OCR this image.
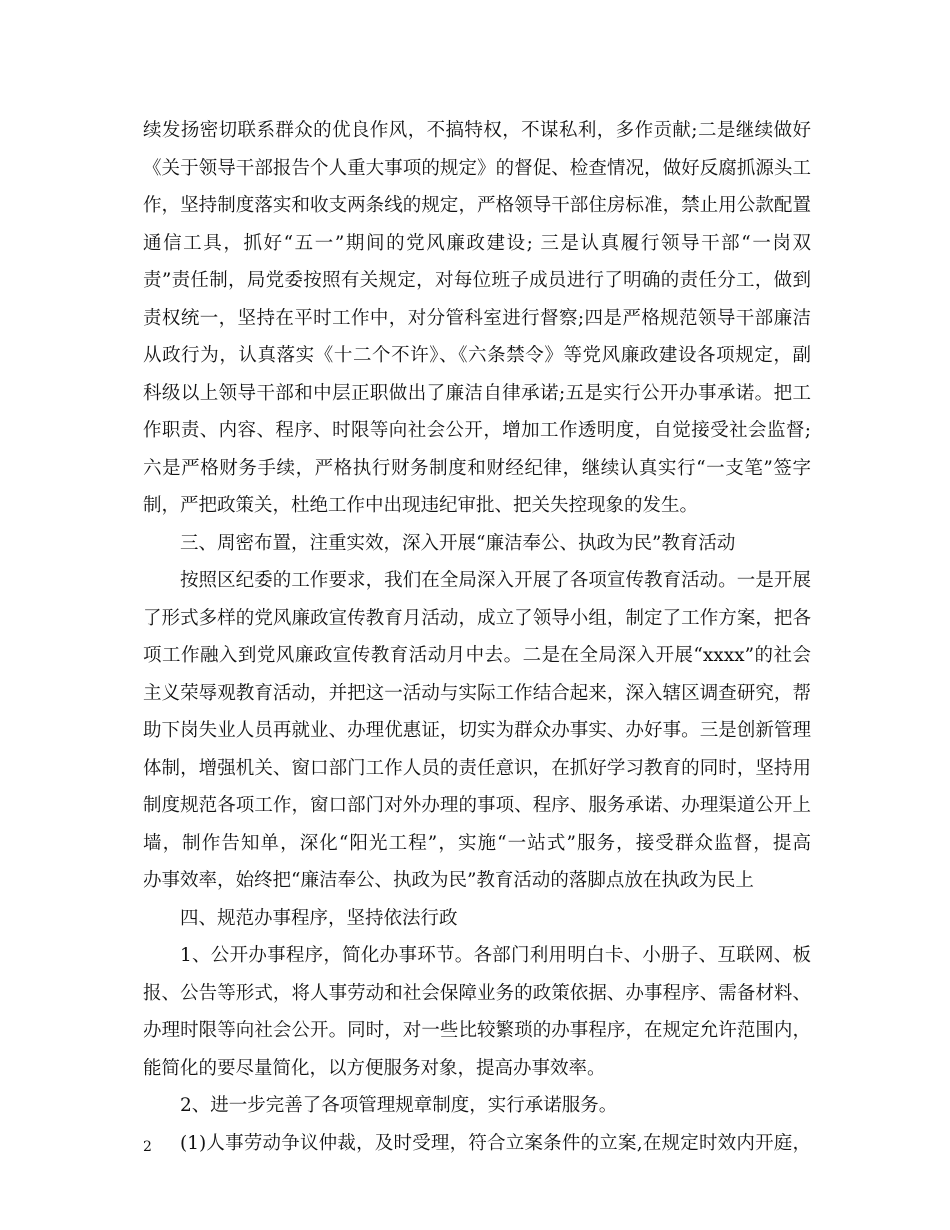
续发扬密切联系群众的优良作风，不搞特权，不谋私利，多作贡献;二是继续做好
《关于领导干部报告个人重大事项的规定》的督促、检查情况，做好反腐抓源头工
作，坚持制度落实和收支两条线的规定，严格领导干部住房标准，禁止用公款配置
通信工具，抓好“五一”期间的党风廉政建设; 三是认真履行领导干部“一岗双
责”责任制，局党委按照有关规定，对每位班子成员进行了明确的责任分工，做到
责权统一，坚持在平时工作中，对分管科室进行督察;四是严格规范领导干部廉洁
从政行为，认真落实《十二个不许》、《六条禁令》等党风廉政建设各项规定，副
科级以上领导干部和中层正职做出了廉洁自律承诺;五是实行公开办事承诺。把工
作职责、内容、程序、时限等向社会公开，增加工作透明度，自觉接受社会监督;
六是严格财务手续，严格执行财务制度和财经纪律，继续认真实行“一支笔”签字
制，严把政策关，杜绝工作中出现违纪审批、把关失控现象的发生。
三、周密布置，注重实效，深入开展“廉洁奉公、执政为民”教育活动
按照区纪委的工作要求，我们在全局深入开展了各项宣传教育活动。一是开展
了形式多样的党风廉政宣传教育月活动，成立了领导小组，制定了工作方案，把各
项工作融入到党风廉政宣传教育活动月中去。二是在全局深入开展“xxxx”的社会
主义荣辱观教育活动，并把这一活动与实际工作结合起来，深入辖区调查研究，帮
助下岗失业人员再就业、办理优惠证，切实为群众办事实、办好事。三是创新管理
体制，增强机关、窗口部门工作人员的责任意识，在抓好学习教育的同时，坚持用
制度规范各项工作，窗口部门对外办理的事项、程序、服务承诺、办理渠道公开上
墙，制作告知单，深化“阳光工程”，实施“一站式”服务，接受群众监督，提高
办事效率，始终把“廉洁奉公、执政为民”教育活动的落脚点放在执政为民上
四、规范办事程序，坚持依法行政
1、公开办事程序，简化办事环节。各部门利用明白卡、小册子、互联网、板
报、公告等形式，将人事劳动和社会保障业务的政策依据、办事程序、需备材料、
办理时限等向社会公开。同时，对一些比较繁琐的办事程序，在规定允许范围内，
能简化的要尽量简化，以方便服务对象，提高办事效率。
2、进一步完善了各项管理规章制度，实行承诺服务。
(1)人事劳动争议仲裁，及时受理，符合立案条件的立案,在规定时效内开庭，
2
